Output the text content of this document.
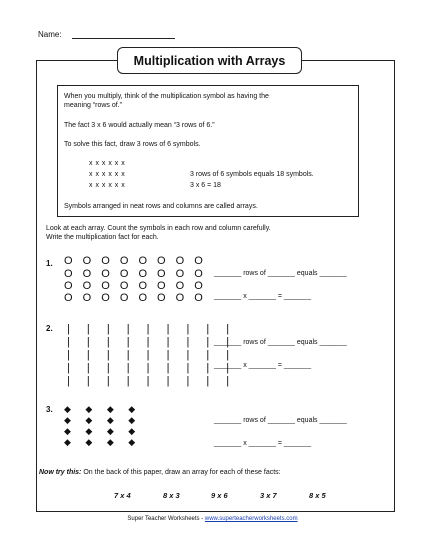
Name:
Multiplication with Arrays
When you multiply, think of the multiplication symbol as having the
meaning “rows of.”
The fact 3 x 6 would actually mean “3 rows of 6.”
To solve this fact, draw 3 rows of 6 symbols.
x x x x x x
x x x x x x
x x x x x x
3 rows of 6 symbols equals 18 symbols.
3 x 6 = 18
Symbols arranged in neat rows and columns are called arrays.
Look at each array. Count the symbols in each row and column carefully.
Write the multiplication fact for each.
1. O O O O O O O O
O O O O O O O O
O O O O O O O O
O O O O O O O O
_______ rows of _______ equals _______
_______ x _______ = _______
2. | | | | | | | | |
| | | | | | | | |
| | | | | | | | |
| | | | | | | | |
| | | | | | | | |
_______ rows of _______ equals _______
_______ x _______ = _______
3. ◆ ◆ ◆ ◆
◆ ◆ ◆ ◆
◆ ◆ ◆ ◆
◆ ◆ ◆ ◆
_______ rows of _______ equals _______
_______ x _______ = _______
Now try this: On the back of this paper, draw an array for each of these facts:
7 x 4	8 x 3	9 x 6	3 x 7	8 x 5
Super Teacher Worksheets - www.superteacherworksheets.com
